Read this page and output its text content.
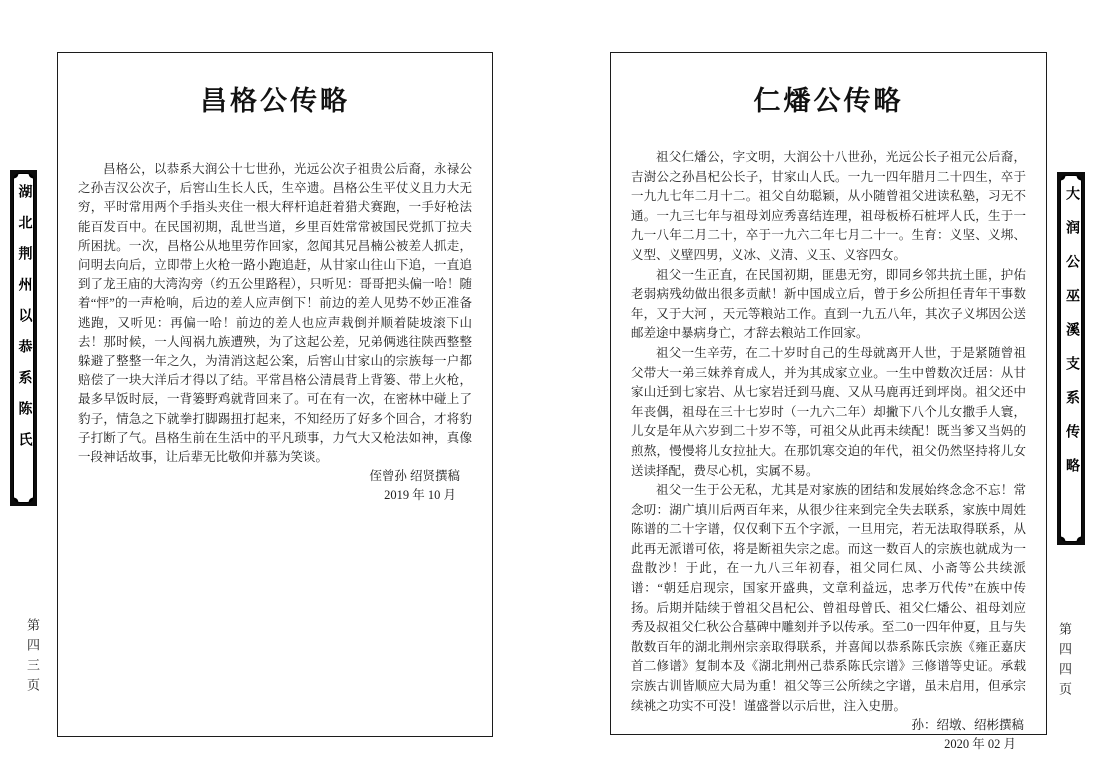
湖北荆州以恭系陈氏
昌格公传略

昌格公，以恭系大润公十七世孙，光远公次子祖贵公后裔，永禄公之孙吉汉公次子，后窖山生长人氏，生卒遗。昌格公生平仗义且力大无穷，平时常用两个手指头夹住一根大秤杆追赶着猎犬赛跑，一手好枪法能百发百中。在民国初期，乱世当道，乡里百姓常常被国民党抓丁拉夫所困扰。一次，昌格公从地里劳作回家，忽闻其兄昌楠公被差人抓走，问明去向后，立即带上火枪一路小跑追赶，从甘家山往山下追，一直追到了龙王庙的大湾沟旁（约五公里路程），只听见：哥哥把头偏一哈！随着“怦”的一声枪响，后边的差人应声倒下！前边的差人见势不妙正准备逃跑，又听见：再偏一哈！前边的差人也应声栽倒并顺着陡坡滚下山去！那时候，一人闯祸九族遭殃，为了这起公差，兄弟俩逃往陕西整整躲避了整整一年之久，为清消这起公案，后窖山甘家山的宗族每一户都赔偿了一块大洋后才得以了结。平常昌格公清晨背上背篓、带上火枪，最多早饭时辰，一背篓野鸡就背回来了。可在有一次，在密林中碰上了豹子，情急之下就拳打脚踢扭打起来，不知经历了好多个回合，才将豹子打断了气。昌格生前在生活中的平凡琐事，力气大又枪法如神，真像一段神话故事，让后辈无比敬仰并慕为笑谈。

侄曾孙 绍贤撰稿
2019 年 10 月
仁燔公传略

祖父仁燔公，字文明，大润公十八世孙，光远公长子祖元公后裔，吉澍公之孙昌杞公长子，甘家山人氏。一九一四年腊月二十四生，卒于一九九七年二月十二。祖父自幼聪颖，从小随曾祖父进读私塾，习无不通。一九三七年与祖母刘应秀喜结连理，祖母板桥石桩坪人氏，生于一九一八年二月二十，卒于一九六二年七月二十一。生育：义坚、义垹、义型、义壁四男，义冰、义清、义玉、义容四女。

祖父一生正直，在民国初期，匪患无穷，即同乡邻共抗土匪，护佑老弱病残幼做出很多贡献！新中国成立后，曾于乡公所担任青年干事数年，又于大河 ，天元等粮站工作。直到一九五八年，其次子义垹因公送邮差途中暴病身亡，才辞去粮站工作回家。

祖父一生辛劳，在二十岁时自己的生母就离开人世，于是紧随曾祖父带大一弟三妹养育成人，并为其成家立业。一生中曾数次迁居：从甘家山迁到七家岩、从七家岩迁到马鹿、又从马鹿再迁到坪岗。祖父还中年丧偶，祖母在三十七岁时（一九六二年）却撇下八个儿女撒手人寰，儿女是年从六岁到二十岁不等，可祖父从此再未续配！既当爹又当妈的煎熬，慢慢将儿女拉扯大。在那饥寒交迫的年代，祖父仍然坚持将儿女送读择配，费尽心机，实属不易。

祖父一生于公无私，尤其是对家族的团结和发展始终念念不忘！常念叨：湖广填川后两百年来，从很少往来到完全失去联系，家族中周姓陈谱的二十字谱，仅仅剩下五个字派，一旦用完，若无法取得联系，从此再无派谱可依，将是断祖失宗之虑。而这一数百人的宗族也就成为一盘散沙！于此，在一九八三年初春，祖父同仁凤、小斋等公共续派谱：“朝廷启现宗，国家开盛典，文章利益远，忠孝万代传”在族中传扬。后期并陆续于曾祖父昌杞公、曾祖母曾氏、祖父仁燔公、祖母刘应秀及叔祖父仁秋公合墓碑中雕刻并予以传承。至二0一四年仲夏，且与失散数百年的湖北荆州宗亲取得联系，并喜闻以恭系陈氏宗族《雍正嘉庆首二修谱》复制本及《湖北荆州己恭系陈氏宗谱》三修谱等史证。承载宗族古训皆顺应大局为重！祖父等三公所续之字谱，虽未启用，但承宗续祧之功实不可没！谨盛誉以示后世，注入史册。

孙：绍墩、绍彬撰稿
2020 年 02 月
大润公巫溪支系传略
第四三页	第四四页
